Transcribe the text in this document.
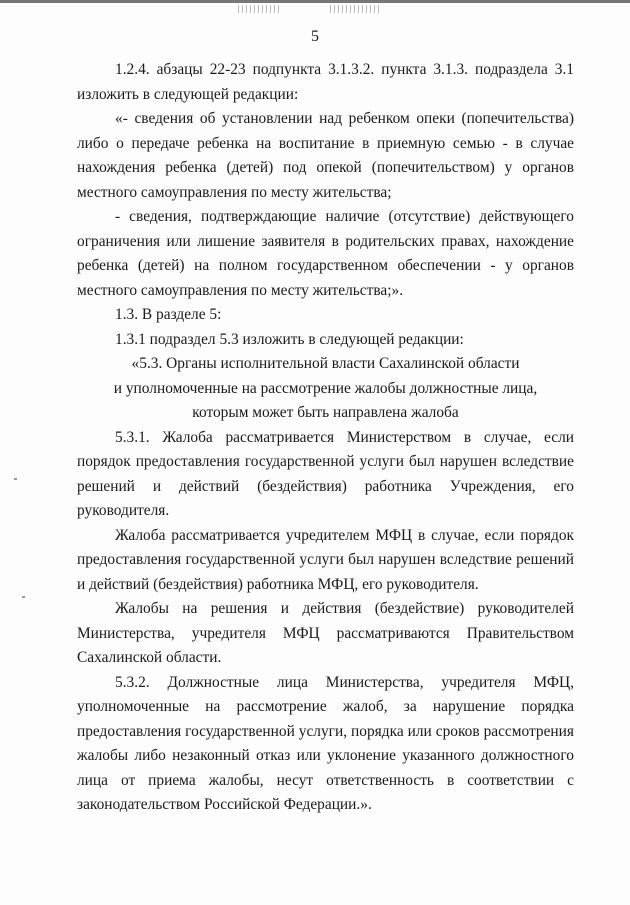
5

1.2.4. абзацы 22-23 подпункта 3.1.3.2. пункта 3.1.3. подраздела 3.1 изложить в следующей редакции:

«- сведения об установлении над ребенком опеки (попечительства) либо о передаче ребенка на воспитание в приемную семью - в случае нахождения ребенка (детей) под опекой (попечительством) у органов местного самоуправления по месту жительства;

- сведения, подтверждающие наличие (отсутствие) действующего ограничения или лишение заявителя в родительских правах, нахождение ребенка (детей) на полном государственном обеспечении - у органов местного самоуправления по месту жительства;».

1.3. В разделе 5:

1.3.1 подраздел 5.3 изложить в следующей редакции:

«5.3. Органы исполнительной власти Сахалинской области

и уполномоченные на рассмотрение жалобы должностные лица,

которым может быть направлена жалоба

5.3.1. Жалоба рассматривается Министерством в случае, если порядок предоставления государственной услуги был нарушен вследствие решений и действий (бездействия) работника Учреждения, его руководителя.

Жалоба рассматривается учредителем МФЦ в случае, если порядок предоставления государственной услуги был нарушен вследствие решений и действий (бездействия) работника МФЦ, его руководителя.

Жалобы на решения и действия (бездействие) руководителей Министерства, учредителя МФЦ рассматриваются Правительством Сахалинской области.

5.3.2. Должностные лица Министерства, учредителя МФЦ, уполномоченные на рассмотрение жалоб, за нарушение порядка предоставления государственной услуги, порядка или сроков рассмотрения жалобы либо незаконный отказ или уклонение указанного должностного лица от приема жалобы, несут ответственность в соответствии с законодательством Российской Федерации.».
